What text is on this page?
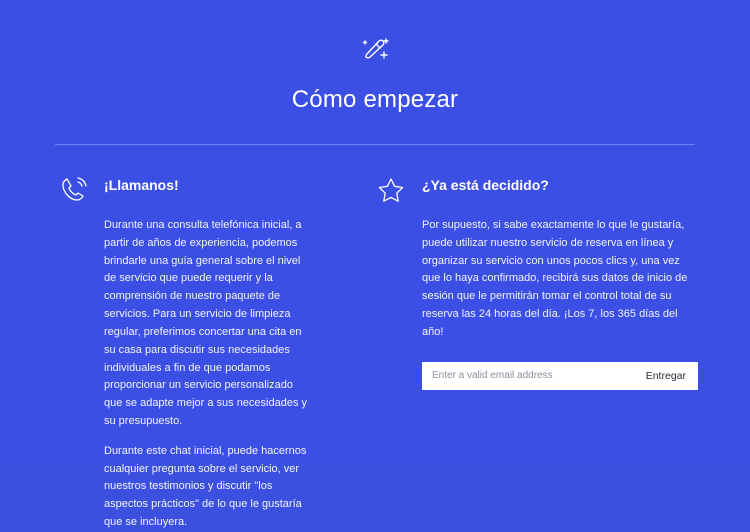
Cómo empezar
¡Llamanos!

Durante una consulta telefónica inicial, a partir de años de experiencia, podemos brindarle una guía general sobre el nivel de servicio que puede requerir y la comprensión de nuestro paquete de servicios. Para un servicio de limpieza regular, preferimos concertar una cita en su casa para discutir sus necesidades individuales a fin de que podamos proporcionar un servicio personalizado que se adapte mejor a sus necesidades y su presupuesto.

Durante este chat inicial, puede hacernos cualquier pregunta sobre el servicio, ver nuestros testimonios y discutir "los aspectos prácticos" de lo que le gustaría que se incluyera.

¿Ya está decidido?

Por supuesto, si sabe exactamente lo que le gustaría, puede utilizar nuestro servicio de reserva en línea y organizar su servicio con unos pocos clics y, una vez que lo haya confirmado, recibirá sus datos de inicio de sesión que le permitirán tomar el control total de su reserva las 24 horas del día. ¡Los 7, los 365 días del año!

Enter a valid email address
Entregar
